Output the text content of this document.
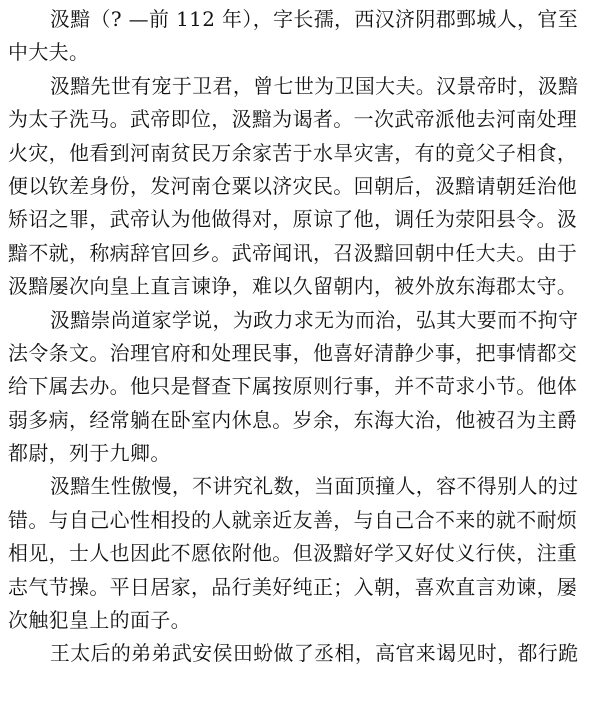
汲黯（? —前 112 年），字长孺，西汉济阴郡鄄城人，官至
中大夫。
汲黯先世有宠于卫君，曾七世为卫国大夫。汉景帝时，汲黯
为太子洗马。武帝即位，汲黯为谒者。一次武帝派他去河南处理
火灾，他看到河南贫民万余家苦于水旱灾害，有的竟父子相食，
便以钦差身份，发河南仓粟以济灾民。回朝后，汲黯请朝廷治他
矫诏之罪，武帝认为他做得对，原谅了他，调任为荥阳县令。汲
黯不就，称病辞官回乡。武帝闻讯，召汲黯回朝中任大夫。由于
汲黯屡次向皇上直言谏诤，难以久留朝内，被外放东海郡太守。
汲黯崇尚道家学说，为政力求无为而治，弘其大要而不拘守
法令条文。治理官府和处理民事，他喜好清静少事，把事情都交
给下属去办。他只是督查下属按原则行事，并不苛求小节。他体
弱多病，经常躺在卧室内休息。岁余，东海大治，他被召为主爵
都尉，列于九卿。
汲黯生性傲慢，不讲究礼数，当面顶撞人，容不得别人的过
错。与自己心性相投的人就亲近友善，与自己合不来的就不耐烦
相见，士人也因此不愿依附他。但汲黯好学又好仗义行侠，注重
志气节操。平日居家，品行美好纯正；入朝，喜欢直言劝谏，屡
次触犯皇上的面子。
王太后的弟弟武安侯田蚡做了丞相，高官来谒见时，都行跪
